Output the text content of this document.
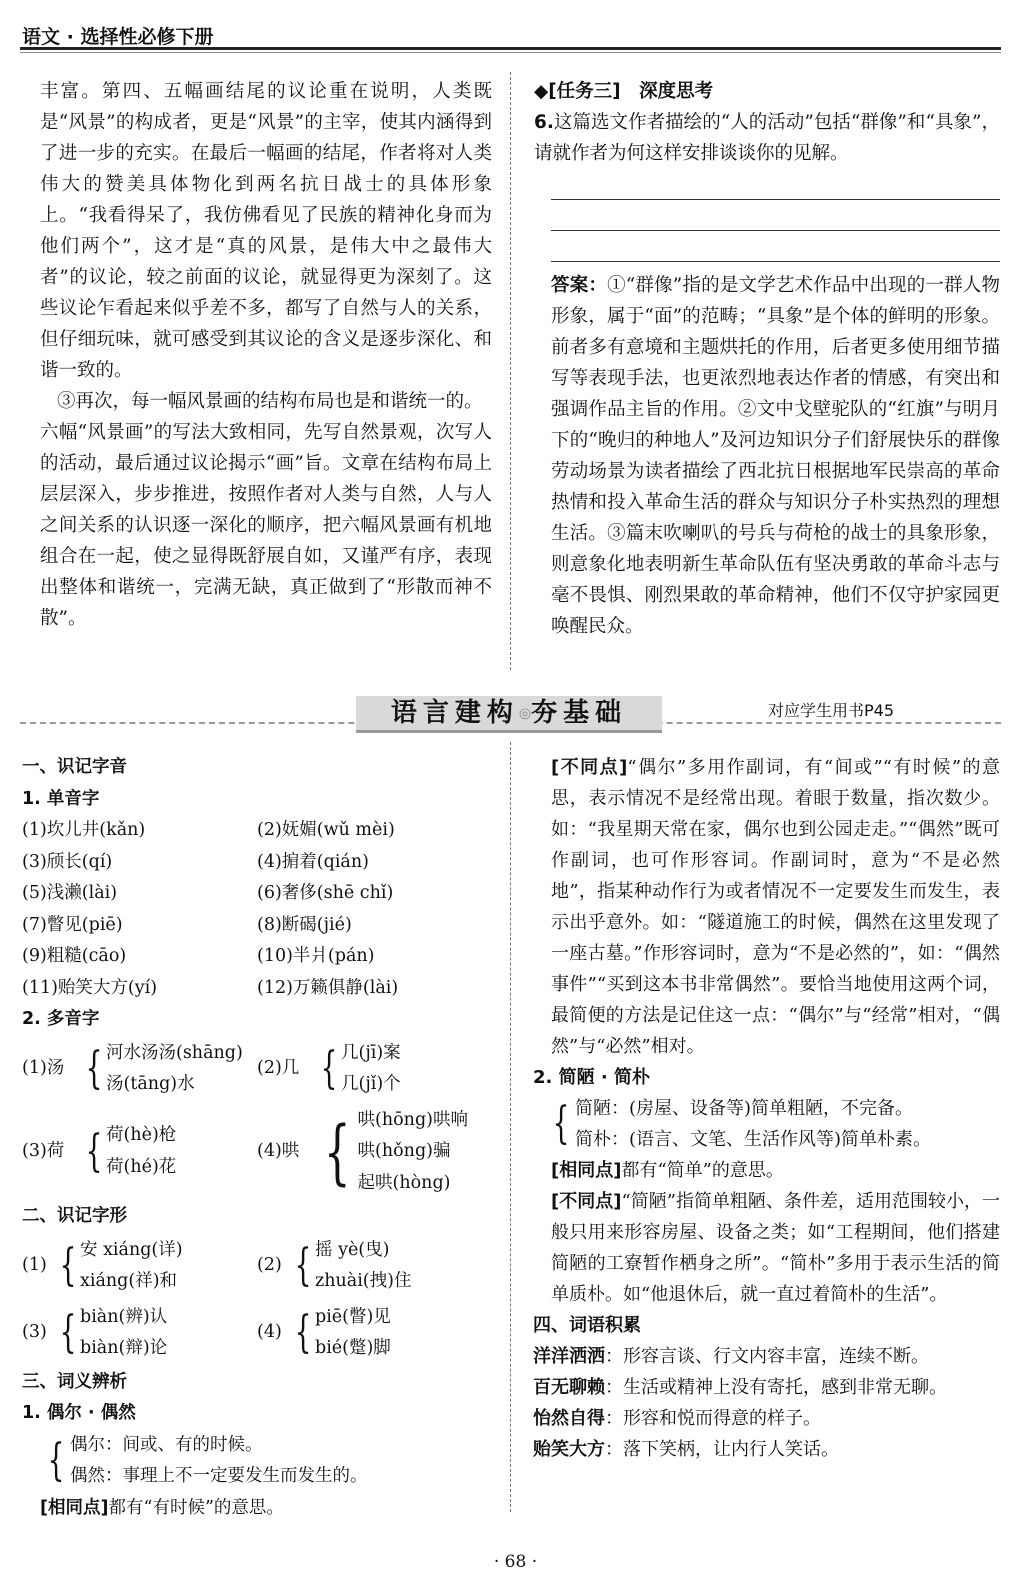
语文 · 选择性必修下册

丰富。第四、五幅画结尾的议论重在说明，人类既是“风景”的构成者，更是“风景”的主宰，使其内涵得到了进一步的充实。在最后一幅画的结尾，作者将对人类伟大的赞美具体物化到两名抗日战士的具体形象上。“我看得呆了，我仿佛看见了民族的精神化身而为他们两个”，这才是“真的风景，是伟大中之最伟大者”的议论，较之前面的议论，就显得更为深刻了。这些议论乍看起来似乎差不多，都写了自然与人的关系，但仔细玩味，就可感受到其议论的含义是逐步深化、和谐一致的。

③再次，每一幅风景画的结构布局也是和谐统一的。

六幅“风景画”的写法大致相同，先写自然景观，次写人的活动，最后通过议论揭示“画”旨。文章在结构布局上层层深入，步步推进，按照作者对人类与自然，人与人之间关系的认识逐一深化的顺序，把六幅风景画有机地组合在一起，使之显得既舒展自如，又谨严有序，表现出整体和谐统一，完满无缺，真正做到了“形散而神不散”。

◆[任务三]　深度思考

6.这篇选文作者描绘的“人的活动”包括“群像”和“具象”，请就作者为何这样安排谈谈你的见解。

答案：①“群像”指的是文学艺术作品中出现的一群人物形象，属于“面”的范畴；“具象”是个体的鲜明的形象。前者多有意境和主题烘托的作用，后者更多使用细节描写等表现手法，也更浓烈地表达作者的情感，有突出和强调作品主旨的作用。②文中戈壁驼队的“红旗”与明月下的“晚归的种地人”及河边知识分子们舒展快乐的群像劳动场景为读者描绘了西北抗日根据地军民崇高的革命热情和投入革命生活的群众与知识分子朴实热烈的理想生活。③篇末吹喇叭的号兵与荷枪的战士的具象形象，则意象化地表明新生革命队伍有坚决勇敢的革命斗志与毫不畏惧、刚烈果敢的革命精神，他们不仅守护家园更唤醒民众。

语言建构◎夯基础	对应学生用书P45

一、识记字音

1. 单音字

(1)坎儿井(kǎn)	(2)妩媚(wǔ mèi)
(3)颀长(qí)	(4)掮着(qián)
(5)浅濑(lài)	(6)奢侈(shē chǐ)
(7)瞥见(piē)	(8)断碣(jié)
(9)粗糙(cāo)	(10)半爿(pán)
(11)贻笑大方(yí)	(12)万籁俱静(lài)

2. 多音字

(1)汤 { 河水汤汤(shāng)
汤(tāng)水
(2)几 { 几(jī)案
几(jǐ)个
(3)荷 { 荷(hè)枪
荷(hé)花
(4)哄 { 哄(hōng)哄响
哄(hǒng)骗
起哄(hòng)

二、识记字形

(1) { 安 xiáng(详)
xiáng(祥)和
(2) { 摇 yè(曳)
zhuài(拽)住
(3) { biàn(辨)认
biàn(辩)论
(4) { piē(瞥)见
bié(蹩)脚

三、词义辨析

1. 偶尔 · 偶然

{ 偶尔：间或、有的时候。
偶然：事理上不一定要发生而发生的。

[相同点]都有“有时候”的意思。

[不同点]“偶尔”多用作副词，有“间或”“有时候”的意思，表示情况不是经常出现。着眼于数量，指次数少。如：“我星期天常在家，偶尔也到公园走走。”“偶然”既可作副词，也可作形容词。作副词时，意为“不是必然地”，指某种动作行为或者情况不一定要发生而发生，表示出乎意外。如：“隧道施工的时候，偶然在这里发现了一座古墓。”作形容词时，意为“不是必然的”，如：“偶然事件”“买到这本书非常偶然”。要恰当地使用这两个词，最简便的方法是记住这一点：“偶尔”与“经常”相对，“偶然”与“必然”相对。

2. 简陋 · 简朴

{ 简陋：(房屋、设备等)简单粗陋，不完备。
简朴：(语言、文笔、生活作风等)简单朴素。

[相同点]都有“简单”的意思。

[不同点]“简陋”指简单粗陋、条件差，适用范围较小，一般只用来形容房屋、设备之类；如“工程期间，他们搭建简陋的工寮暂作栖身之所”。“简朴”多用于表示生活的简单质朴。如“他退休后，就一直过着简朴的生活”。

四、词语积累

洋洋洒洒：形容言谈、行文内容丰富，连续不断。

百无聊赖：生活或精神上没有寄托，感到非常无聊。

怡然自得：形容和悦而得意的样子。

贻笑大方：落下笑柄，让内行人笑话。

· 68 ·
